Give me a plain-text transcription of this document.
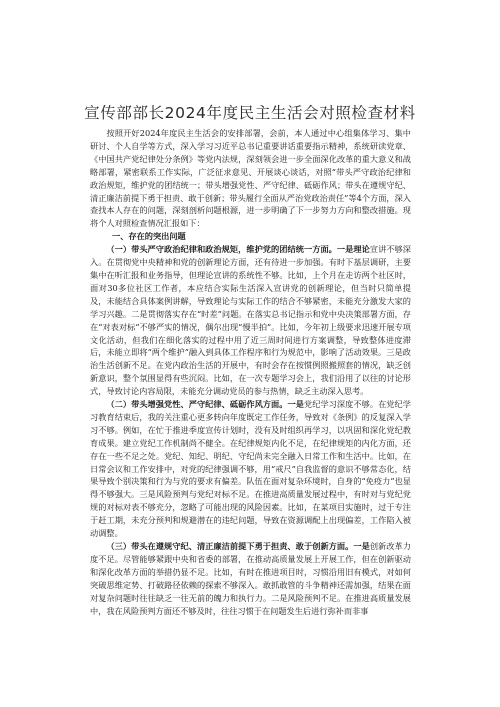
宣传部部长2024年度民主生活会对照检查材料

按照开好2024年度民主生活会的安排部署，会前，本人通过中心组集体学习、集中研讨、个人自学等方式，深入学习习近平总书记重要讲话重要指示精神，系统研读党章、《中国共产党纪律处分条例》等党内法规，深刻领会进一步全面深化改革的重大意义和战略部署，紧密联系工作实际，广泛征求意见、开展谈心谈话，对照“带头严守政治纪律和政治规矩，维护党的团结统一；带头增强党性、严守纪律、砥砺作风；带头在遵规守纪、清正廉洁前提下勇于担责、敢于创新；带头履行全面从严治党政治责任”等4个方面，深入查找本人存在的问题，深刻剖析问题根源，进一步明确了下一步努力方向和整改措施。现将个人对照检查情况汇报如下：

一、存在的突出问题

（一）带头严守政治纪律和政治规矩，维护党的团结统一方面。一是理论宣讲不够深入。在贯彻党中央精神和党的创新理论方面，还有待进一步加强。有时下基层调研，主要集中在听汇报和业务指导，但理论宣讲的系统性不够。比如，上个月在走访两个社区时，面对30多位社区工作者，本应结合实际生活深入宣讲党的创新理论，但当时只简单提及，未能结合具体案例讲解，导致理论与实际工作的结合不够紧密，未能充分激发大家的学习兴趣。二是贯彻落实存在“时差”问题。在落实总书记指示和党中央决策部署方面，存在“对表对标”不够严实的情况，偶尔出现“慢半拍”。比如，今年初上级要求迅速开展专项文化活动，但我们在细化落实的过程中用了近三周时间进行方案调整，导致整体进度滞后，未能立即将“两个维护”融入到具体工作程序和行为规范中，影响了活动效果。三是政治生活创新不足。在党内政治生活的开展中，有时会存在按惯例照搬照套的情况，缺乏创新意识，整个氛围显得有些沉闷。比如，在一次专题学习会上，我们沿用了以往的讨论形式，导致讨论内容局限，未能充分调动党员的参与热情，缺乏主动深入思考。

（二）带头增强党性、严守纪律、砥砺作风方面。一是党纪学习深度不够。在党纪学习教育结束后，我的关注重心更多转向年度既定工作任务，导致对《条例》的反复深入学习不够。例如，在忙于推进季度宣传计划时，没有及时组织再学习，以巩固和深化党纪教育成果。建立党纪工作机制尚不健全。在纪律规矩内化不足，在纪律规矩的内化方面，还存在一些不足之处。党纪、知纪、明纪、守纪尚未完全融入日常工作和生活中。比如，在日常会议和工作安排中，对党的纪律强调不够，用“戒尺”自我监督的意识不够常态化，结果导致个别决策和行为与党的要求有偏差。队伍在面对复杂环境时，自身的“免疫力”也显得不够强大。三是风险预判与党纪对标不足。在推进高质量发展过程中，有时对与党纪党规的对标对表不够充分，忽略了可能出现的风险因素。比如，在某项目实施时，过于专注于赶工期，未充分预判和规避潜在的违纪问题，导致在资源调配上出现偏差，工作陷入被动调整。

（三）带头在遵规守纪、清正廉洁前提下勇于担责、敢于创新方面。一是创新改革力度不足。尽管能够紧跟中央和省委的部署，在推动高质量发展上开展工作，但在创新驱动和深化改革方面的举措仍显不足。比如，有时在推进项目时，习惯沿用旧有模式，对如何突破思维定势、打破路径依赖的探索不够深入。敢抓敢管的斗争精神还需加强，结果在面对复杂问题时往往缺乏一往无前的魄力和执行力。二是风险预判不足。在推进高质量发展中，我在风险预判方面还不够及时，往往习惯于在问题发生后进行弥补而非事
